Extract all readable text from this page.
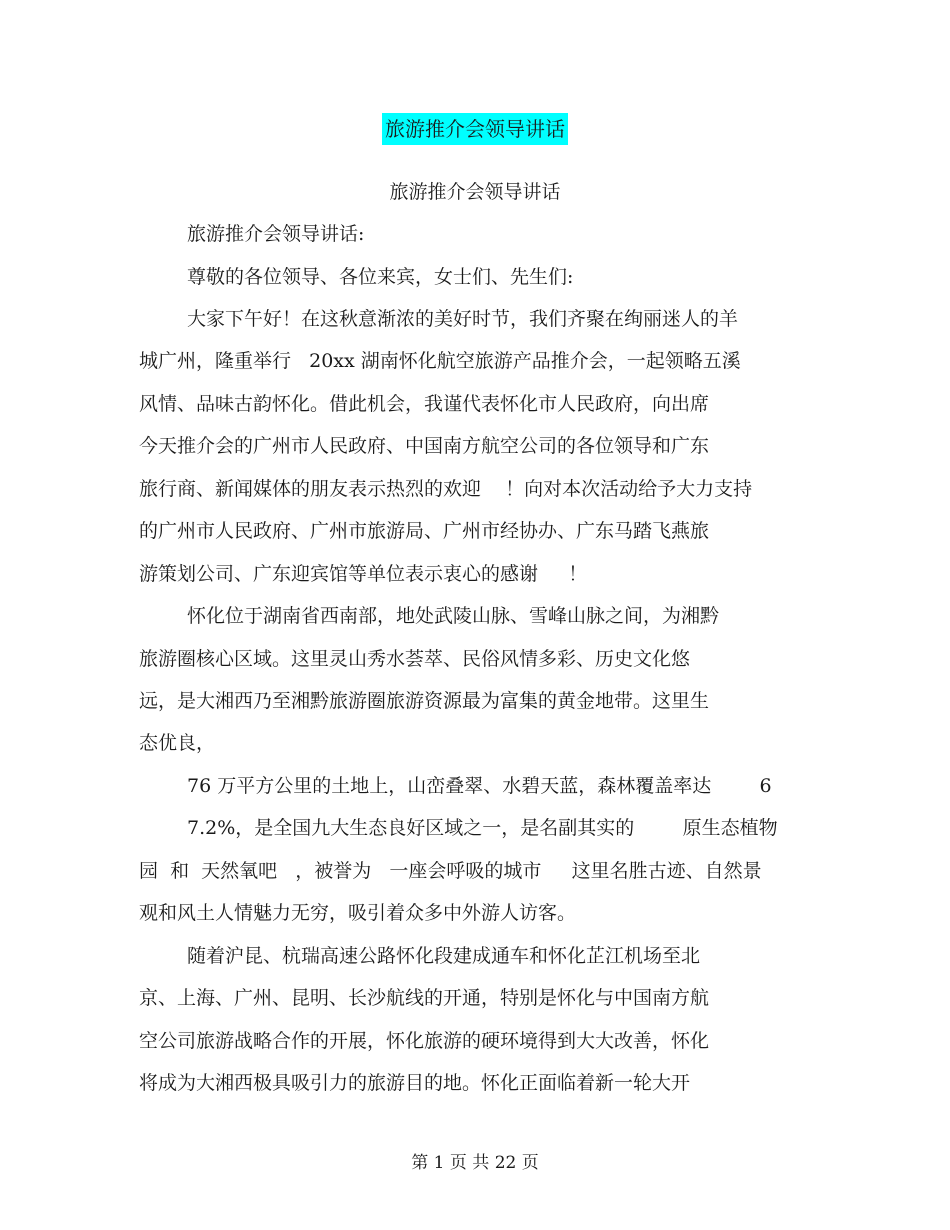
旅游推介会领导讲话
旅游推介会领导讲话
旅游推介会领导讲话:
尊敬的各位领导、各位来宾，女士们、先生们:
大家下午好！在这秋意渐浓的美好时节，我们齐聚在绚丽迷人的羊
城广州，隆重举行   20xx 湖南怀化航空旅游产品推介会，一起领略五溪
风情、品味古韵怀化。借此机会，我谨代表怀化市人民政府，向出席
今天推介会的广州市人民政府、中国南方航空公司的各位领导和广东
旅行商、新闻媒体的朋友表示热烈的欢迎    ！向对本次活动给予大力支持
的广州市人民政府、广州市旅游局、广州市经协办、广东马踏飞燕旅
游策划公司、广东迎宾馆等单位表示衷心的感谢     ！
怀化位于湖南省西南部，地处武陵山脉、雪峰山脉之间，为湘黔
旅游圈核心区域。这里灵山秀水荟萃、民俗风情多彩、历史文化悠
远，是大湘西乃至湘黔旅游圈旅游资源最为富集的黄金地带。这里生
态优良，
76 万平方公里的土地上，山峦叠翠、水碧天蓝，森林覆盖率达        6
7.2%，是全国九大生态良好区域之一，是名副其实的        原生态植物
园  和  天然氧吧   ，被誉为   一座会呼吸的城市     这里名胜古迹、自然景
观和风土人情魅力无穷，吸引着众多中外游人访客。
随着沪昆、杭瑞高速公路怀化段建成通车和怀化芷江机场至北
京、上海、广州、昆明、长沙航线的开通，特别是怀化与中国南方航
空公司旅游战略合作的开展，怀化旅游的硬环境得到大大改善，怀化
将成为大湘西极具吸引力的旅游目的地。怀化正面临着新一轮大开
第 1 页 共 22 页
